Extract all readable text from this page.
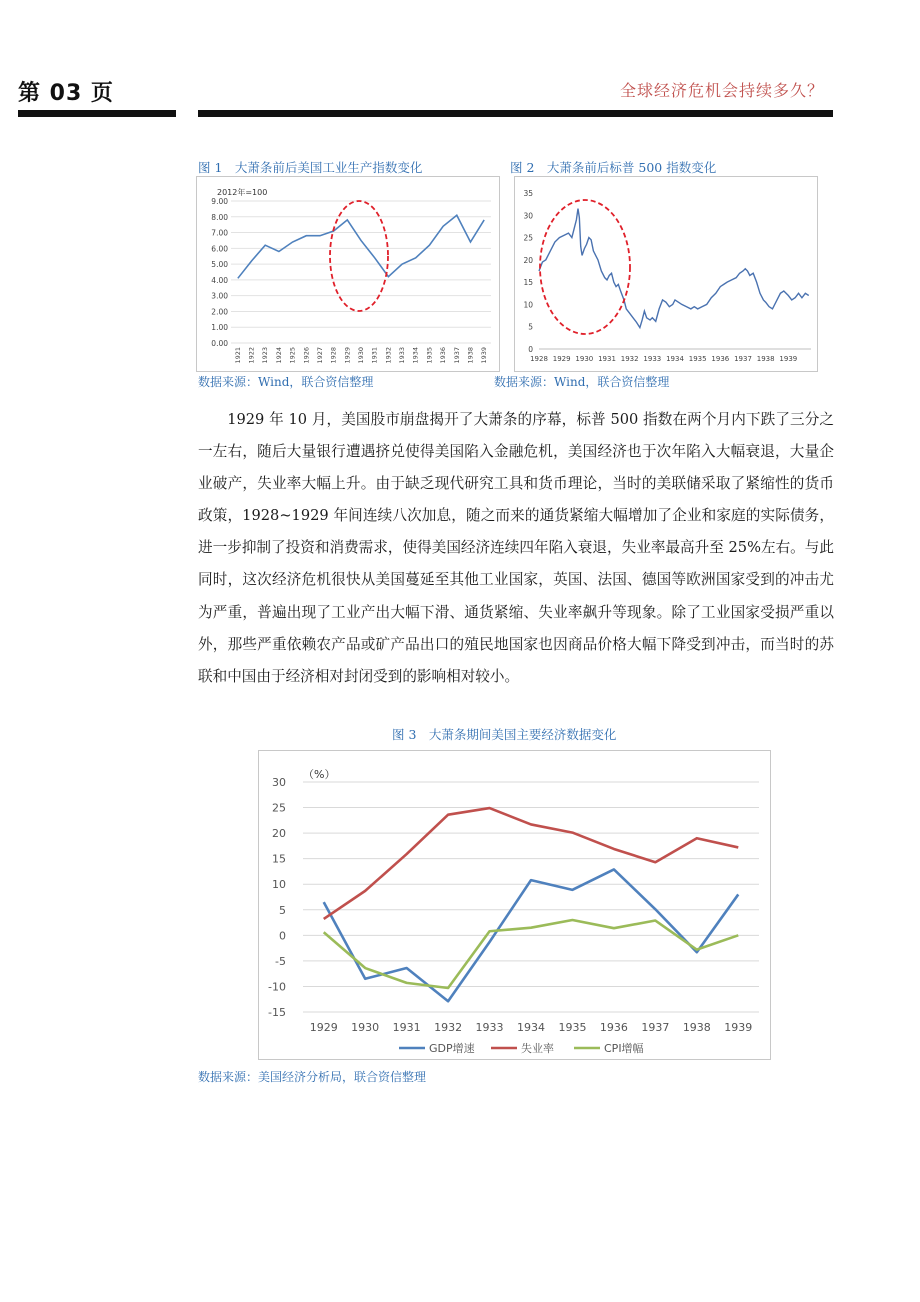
第 03 页	全球经济危机会持续多久？
图 1　大萧条前后美国工业生产指数变化
2012年=100
0.00
1.00
2.00
3.00
4.00
5.00
6.00
7.00
8.00
9.00
1921 1922 1923 1924 1925 1926 1927 1928 1929 1930 1931 1932 1933 1934 1935 1936 1937 1938 1939
数据来源：Wind，联合资信整理
图 2　大萧条前后标普 500 指数变化
0
5
10
15
20
25
30
35
1928 1929 1930 1931 1932 1933 1934 1935 1936 1937 1938 1939
数据来源：Wind，联合资信整理

1929 年 10 月，美国股市崩盘揭开了大萧条的序幕，标普 500 指数在两个月内下跌了三分之一左右，随后大量银行遭遇挤兑使得美国陷入金融危机，美国经济也于次年陷入大幅衰退，大量企业破产，失业率大幅上升。由于缺乏现代研究工具和货币理论，当时的美联储采取了紧缩性的货币政策，1928~1929 年间连续八次加息，随之而来的通货紧缩大幅增加了企业和家庭的实际债务，进一步抑制了投资和消费需求，使得美国经济连续四年陷入衰退，失业率最高升至 25%左右。与此同时，这次经济危机很快从美国蔓延至其他工业国家，英国、法国、德国等欧洲国家受到的冲击尤为严重，普遍出现了工业产出大幅下滑、通货紧缩、失业率飙升等现象。除了工业国家受损严重以外，那些严重依赖农产品或矿产品出口的殖民地国家也因商品价格大幅下降受到冲击，而当时的苏联和中国由于经济相对封闭受到的影响相对较小。

图 3　大萧条期间美国主要经济数据变化
（%）
30
25
20
15
10
5
0
-5
-10
-15
1929 1930 1931 1932 1933 1934 1935 1936 1937 1938 1939
GDP增速	失业率	CPI增幅
数据来源：美国经济分析局，联合资信整理
